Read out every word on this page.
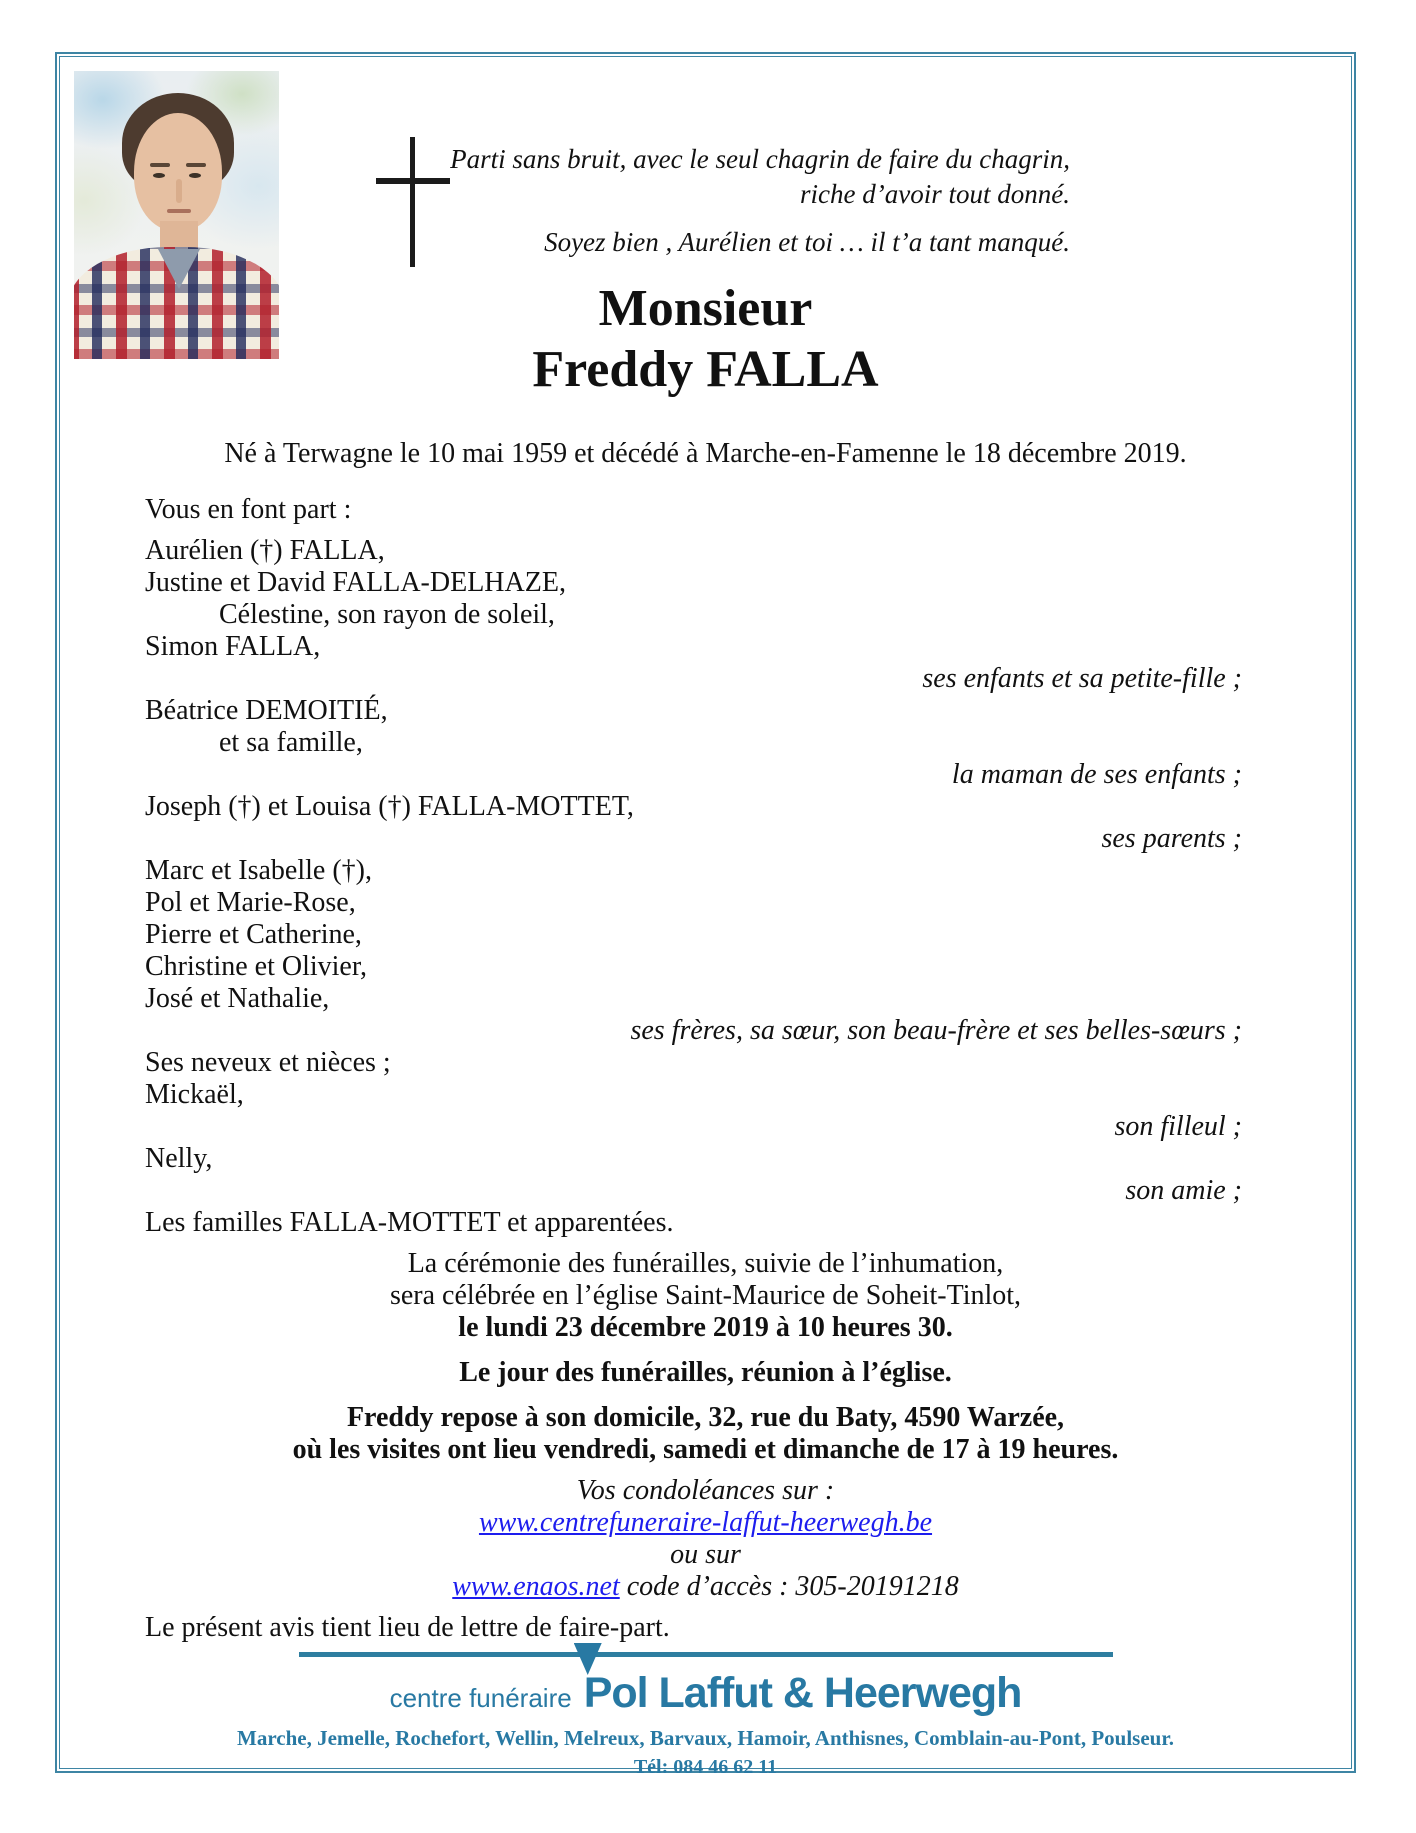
Parti sans bruit, avec le seul chagrin de faire du chagrin,
riche d’avoir tout donné.
Soyez bien , Aurélien et toi … il t’a tant manqué.
Monsieur
Freddy FALLA
Né à Terwagne le 10 mai 1959 et décédé à Marche-en-Famenne le 18 décembre 2019.
Vous en font part :
Aurélien (†) FALLA,
Justine et David FALLA-DELHAZE,
Célestine, son rayon de soleil,
Simon FALLA,
ses enfants et sa petite-fille ;
Béatrice DEMOITIÉ,
et sa famille,
la maman de ses enfants ;
Joseph (†) et Louisa (†) FALLA-MOTTET,
ses parents ;
Marc et Isabelle (†),
Pol et Marie-Rose,
Pierre et Catherine,
Christine et Olivier,
José et Nathalie,
ses frères, sa sœur, son beau-frère et ses belles-sœurs ;
Ses neveux et nièces ;
Mickaël,
son filleul ;
Nelly,
son amie ;
Les familles FALLA-MOTTET et apparentées.
La cérémonie des funérailles, suivie de l’inhumation,
sera célébrée en l’église Saint-Maurice de Soheit-Tinlot,
le lundi 23 décembre 2019 à 10 heures 30.
Le jour des funérailles, réunion à l’église.
Freddy repose à son domicile, 32, rue du Baty, 4590 Warzée,
où les visites ont lieu vendredi, samedi et dimanche de 17 à 19 heures.
Vos condoléances sur :
www.centrefuneraire-laffut-heerwegh.be
ou sur
www.enaos.net code d’accès : 305-20191218
Le présent avis tient lieu de lettre de faire-part.
centre funéraire Pol Laffut & Heerwegh
Marche, Jemelle, Rochefort, Wellin, Melreux, Barvaux, Hamoir, Anthisnes, Comblain-au-Pont, Poulseur.
Tél: 084 46 62 11
